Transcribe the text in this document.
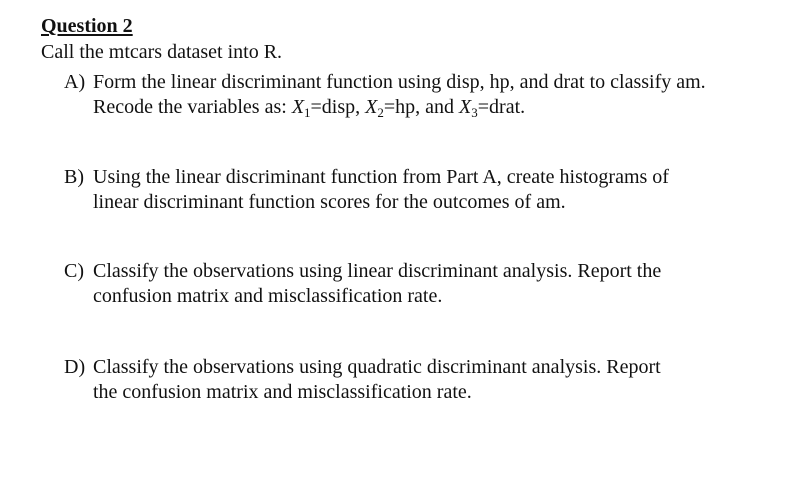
Question 2
Call the mtcars dataset into R.
A) Form the linear discriminant function using disp, hp, and drat to classify am.
Recode the variables as: $X_1=disp$, $X_2=hp$, and $X_3=drat$.
B) Using the linear discriminant function from Part A, create histograms of
linear discriminant function scores for the outcomes of am.
C) Classify the observations using linear discriminant analysis. Report the
confusion matrix and misclassification rate.
D) Classify the observations using quadratic discriminant analysis. Report
the confusion matrix and misclassification rate.
